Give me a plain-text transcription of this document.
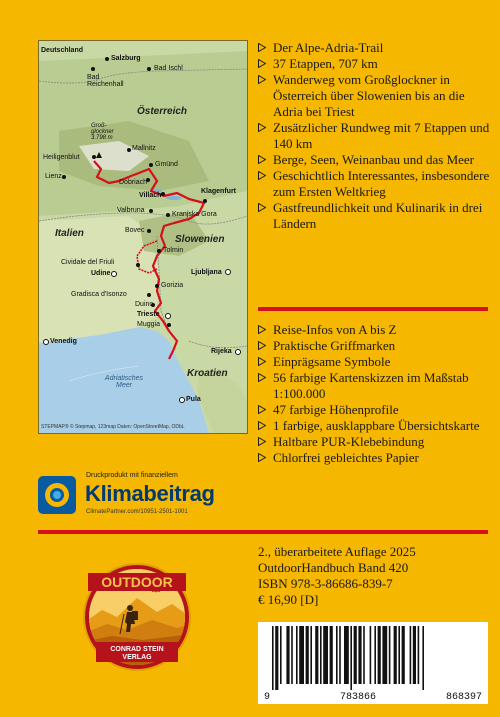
Deutschland
Salzburg
Bad
Reichenhall
Bad Ischl
Österreich
Groß-
glockner
3.798 m
Mallnitz
Heiligenblut
Gmünd
Lienz
Dobriach
Klagenfurt
Villach
Valbruna
Kranjska Gora
Italien
Slowenien
Bovec
Tolmin
Cividale del Friuli
Udine	Ljubljana
Gorizia
Gradisca d'Isonzo
Duino
Trieste
Muggia
Venedig
Rijeka
Adriatisches
Meer
Kroatien
Pula
STEPMAP® © Stepmap, 123map Daten: OpenStreetMap, ODbL
Der Alpe-Adria-Trail
37 Etappen, 707 km
Wanderweg vom Großglockner in Österreich über Slowenien bis an die Adria bei Triest
Zusätzlicher Rundweg mit 7 Etappen und 140 km
Berge, Seen, Weinanbau und das Meer
Geschichtlich Interessantes, insbesondere zum Ersten Weltkrieg
Gastfreundlichkeit und Kulinarik in drei Ländern
Reise-Infos von A bis Z
Praktische Griffmarken
Einprägsame Symbole
56 farbige Kartenskizzen im Maßstab 1:100.000
47 farbige Höhenprofile
1 farbige, ausklappbare Übersichtskarte
Haltbare PUR-Klebebindung
Chlorfrei gebleichtes Papier
Druckprodukt mit finanziellem
Klimabeitrag
ClimatePartner.com/10951-2501-1001
2., überarbeitete Auflage 2025
OutdoorHandbuch Band 420
ISBN 978-3-86686-839-7
€ 16,90 [D]
OUTDOOR
CONRAD STEIN
VERLAG
9	783866	868397
